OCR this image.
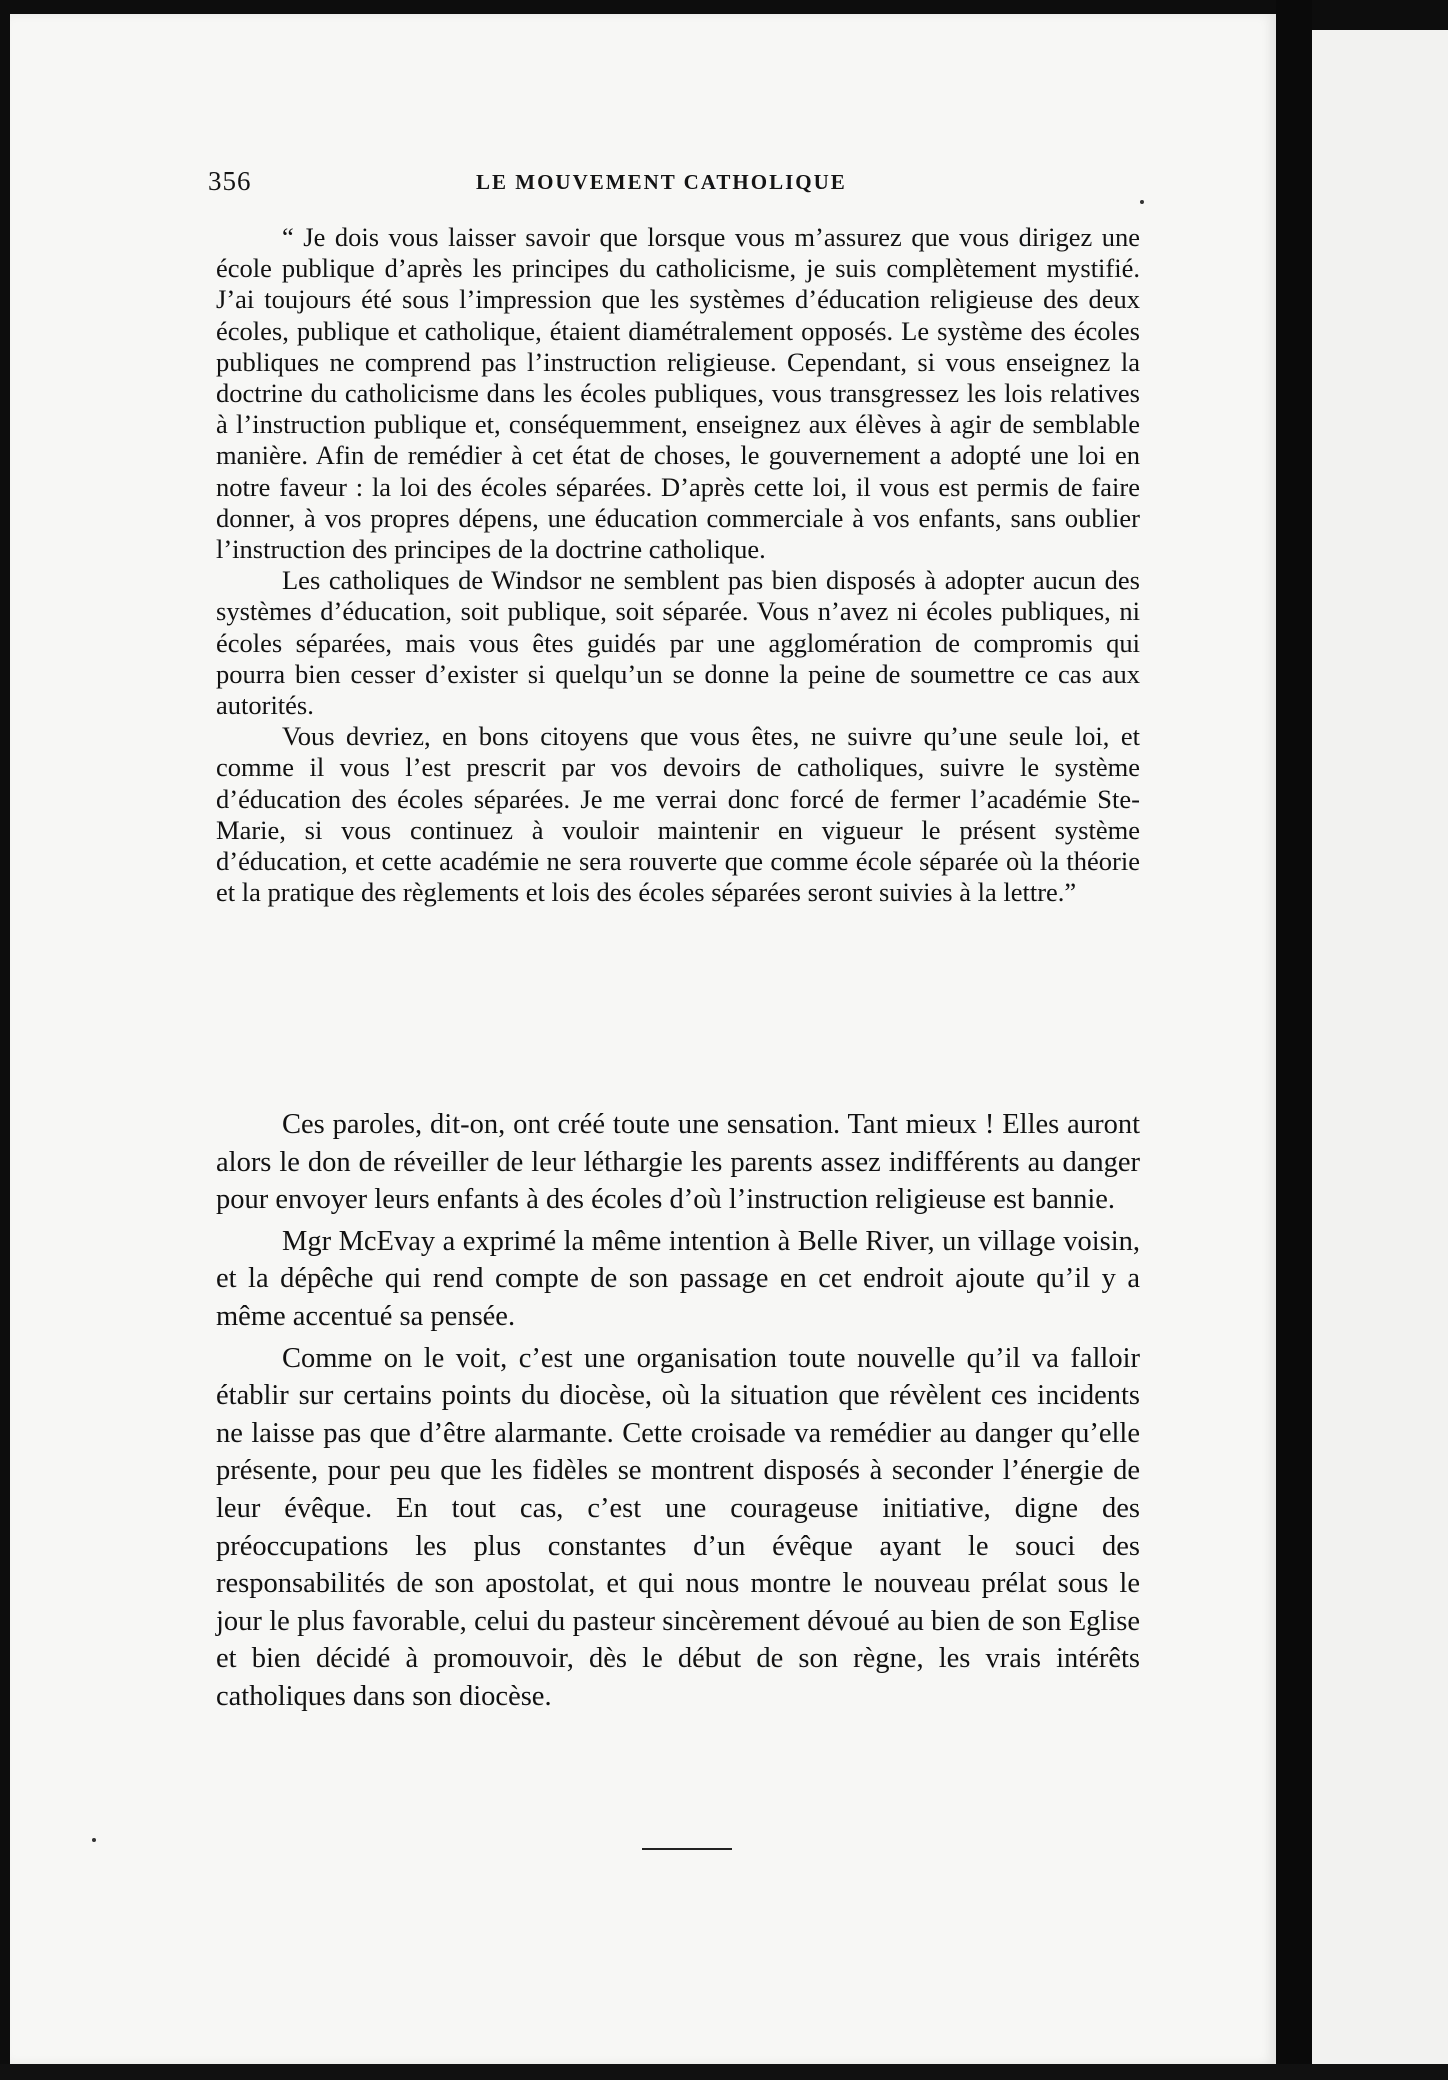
356	LE MOUVEMENT CATHOLIQUE

“ Je dois vous laisser savoir que lorsque vous m’assurez que vous dirigez une école publique d’après les principes du catholicisme, je suis complètement mystifié. J’ai toujours été sous l’impression que les systèmes d’éducation religieuse des deux écoles, publique et catholique, étaient diamétralement opposés. Le système des écoles publiques ne comprend pas l’instruction religieuse. Cependant, si vous enseignez la doctrine du catholicisme dans les écoles publiques, vous transgressez les lois relatives à l’instruction publique et, conséquemment, enseignez aux élèves à agir de semblable manière. Afin de remédier à cet état de choses, le gouvernement a adopté une loi en notre faveur : la loi des écoles séparées. D’après cette loi, il vous est permis de faire donner, à vos propres dépens, une éducation commerciale à vos enfants, sans oublier l’instruction des principes de la doctrine catholique.

Les catholiques de Windsor ne semblent pas bien disposés à adopter aucun des systèmes d’éducation, soit publique, soit séparée. Vous n’avez ni écoles publiques, ni écoles séparées, mais vous êtes guidés par une agglomération de compromis qui pourra bien cesser d’exister si quelqu’un se donne la peine de soumettre ce cas aux autorités.

Vous devriez, en bons citoyens que vous êtes, ne suivre qu’une seule loi, et comme il vous l’est prescrit par vos devoirs de catholiques, suivre le système d’éducation des écoles séparées. Je me verrai donc forcé de fermer l’académie Ste-Marie, si vous continuez à vouloir maintenir en vigueur le présent système d’éducation, et cette académie ne sera rouverte que comme école séparée où la théorie et la pratique des règlements et lois des écoles séparées seront suivies à la lettre.”

Ces paroles, dit-on, ont créé toute une sensation. Tant mieux ! Elles auront alors le don de réveiller de leur léthargie les parents assez indifférents au danger pour envoyer leurs enfants à des écoles d’où l’instruction religieuse est bannie.

Mgr McEvay a exprimé la même intention à Belle River, un village voisin, et la dépêche qui rend compte de son passage en cet endroit ajoute qu’il y a même accentué sa pensée.

Comme on le voit, c’est une organisation toute nouvelle qu’il va falloir établir sur certains points du diocèse, où la situation que révèlent ces incidents ne laisse pas que d’être alarmante. Cette croisade va remédier au danger qu’elle présente, pour peu que les fidèles se montrent disposés à seconder l’énergie de leur évêque. En tout cas, c’est une courageuse initiative, digne des préoccupations les plus constantes d’un évêque ayant le souci des responsabilités de son apostolat, et qui nous montre le nouveau prélat sous le jour le plus favorable, celui du pasteur sincèrement dévoué au bien de son Eglise et bien décidé à promouvoir, dès le début de son règne, les vrais intérêts catholiques dans son diocèse.
